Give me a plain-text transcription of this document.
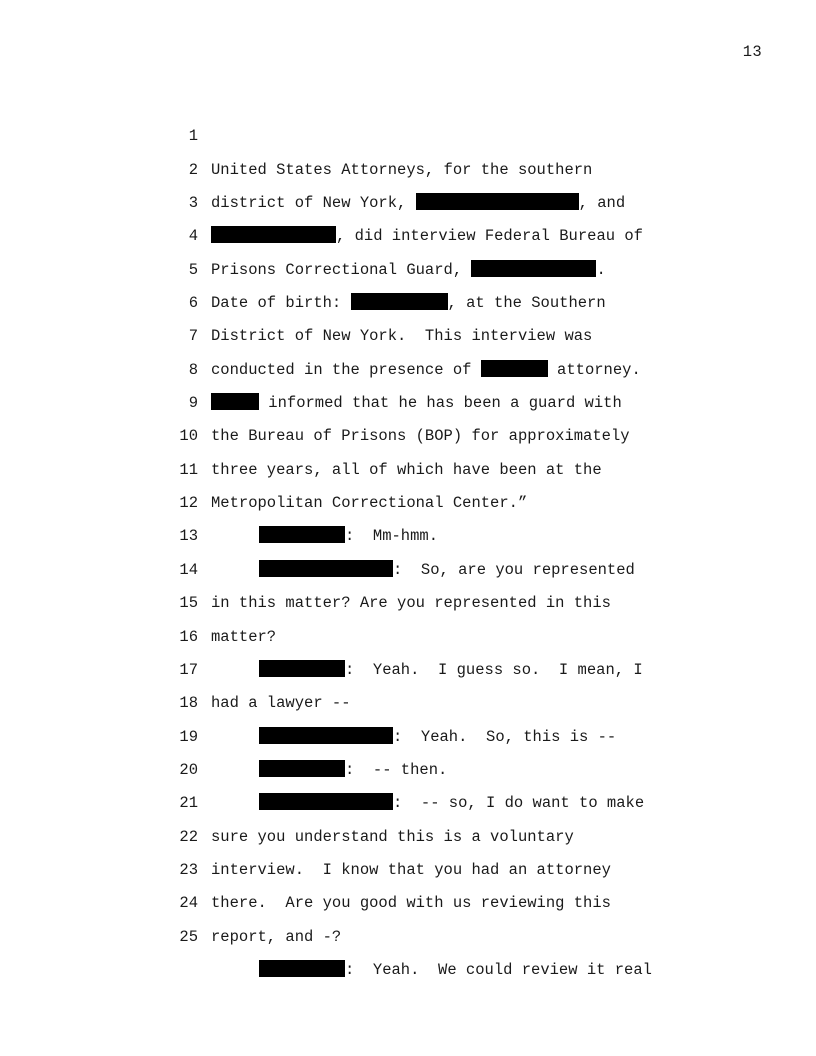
13

1

United States Attorneys, for the southern

2

district of New York,	, and

3

, did interview Federal Bureau of

4

Prisons Correctional Guard,	.

5

Date of birth:	, at the Southern

6

District of New York.  This interview was

7

conducted in the presence of	attorney.

8

informed that he has been a guard with

9

the Bureau of Prisons (BOP) for approximately

10

three years, all of which have been at the

11

Metropolitan Correctional Center.”

12

:  Mm-hmm.

13

:  So, are you represented

14

in this matter? Are you represented in this

15

matter?

16

:  Yeah.  I guess so.  I mean, I

17

had a lawyer --

18

:  Yeah.  So, this is --

19

:  -- then.

20

:  -- so, I do want to make

21

sure you understand this is a voluntary

22

interview.  I know that you had an attorney

23

there.  Are you good with us reviewing this

24

report, and -?

25

:  Yeah.  We could review it real
